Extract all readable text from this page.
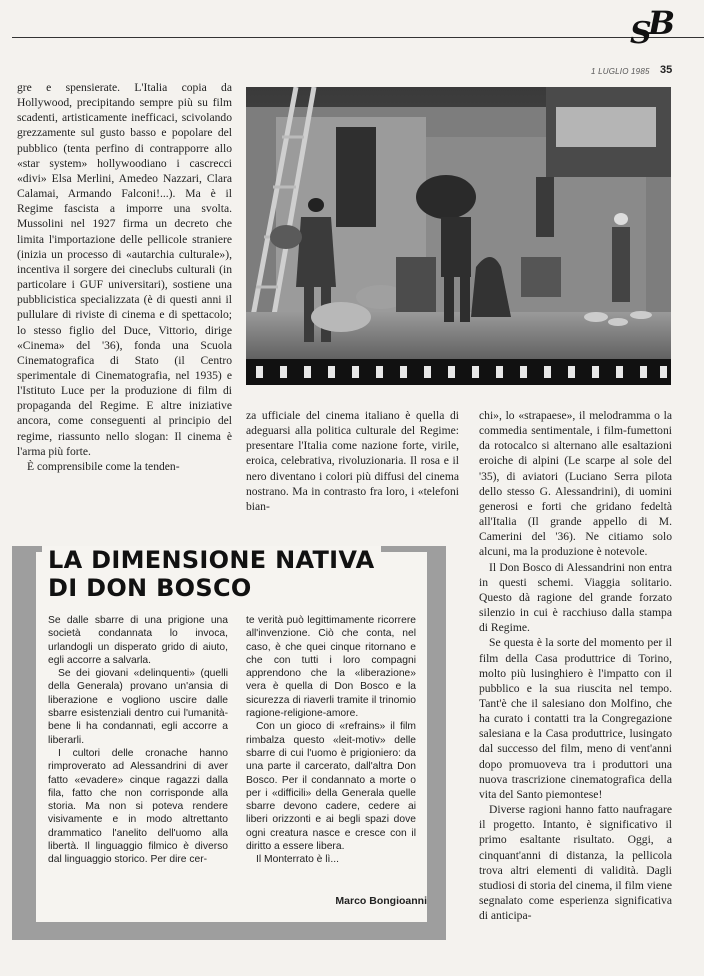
S
B
1 LUGLIO 1985 35

gre e spensierate. L'Italia copia da Hollywood, precipitando sempre più su film scadenti, artisticamente inefficaci, scivolando grezzamente sul gusto basso e popolare del pubblico (tenta perfino di contrapporre allo «star system» hollywoodiano i cascrecci «divi» Elsa Merlini, Amedeo Nazzari, Clara Calamai, Armando Falconi!...). Ma è il Regime fascista a imporre una svolta. Mussolini nel 1927 firma un decreto che limita l'importazione delle pellicole straniere (inizia un processo di «autarchia culturale»), incentiva il sorgere dei cineclubs culturali (in particolare i GUF universitari), sostiene una pubblicistica specializzata (è di questi anni il pullulare di riviste di cinema e di spettacolo; lo stesso figlio del Duce, Vittorio, dirige «Cinema» del '36), fonda una Scuola Cinematografica di Stato (il Centro sperimentale di Cinematografia, nel 1935) e l'Istituto Luce per la produzione di film di propaganda del Regime. E altre iniziative ancora, come conseguenti al principio del regime, riassunto nello slogan: Il cinema è l'arma più forte.

È comprensibile come la tenden-

za ufficiale del cinema italiano è quella di adeguarsi alla politica culturale del Regime: presentare l'Italia come nazione forte, virile, eroica, celebrativa, rivoluzionaria. Il rosa e il nero diventano i colori più diffusi del cinema nostrano. Ma in contrasto fra loro, i «telefoni bian-

chi», lo «strapaese», il melodramma o la commedia sentimentale, i film-fumettoni da rotocalco si alternano alle esaltazioni eroiche di alpini (Le scarpe al sole del '35), di aviatori (Luciano Serra pilota dello stesso G. Alessandrini), di uomini generosi e forti che gridano fedeltà all'Italia (Il grande appello di M. Camerini del '36). Ne citiamo solo alcuni, ma la produzione è notevole.

Il Don Bosco di Alessandrini non entra in questi schemi. Viaggia solitario. Questo dà ragione del grande forzato silenzio in cui è racchiuso dalla stampa di Regime.

Se questa è la sorte del momento per il film della Casa produttrice di Torino, molto più lusinghiero è l'impatto con il pubblico e la sua riuscita nel tempo. Tant'è che il salesiano don Molfino, che ha curato i contatti tra la Congregazione salesiana e la Casa produttrice, lusingato dal successo del film, meno di vent'anni dopo promuoveva tra i produttori una nuova trascrizione cinematografica della vita del Santo piemontese!

Diverse ragioni hanno fatto naufragare il progetto. Intanto, è significativo il primo esaltante risultato. Oggi, a cinquant'anni di distanza, la pellicola trova altri elementi di validità. Dagli studiosi di storia del cinema, il film viene segnalato come esperienza significativa di anticipa-

LA DIMENSIONE NATIVA
DI DON BOSCO

Se dalle sbarre di una prigione una società condannata lo invoca, urlandogli un disperato grido di aiuto, egli accorre a salvarla.

Se dei giovani «delinquenti» (quelli della Generala) provano un'ansia di liberazione e vogliono uscire dalle sbarre esistenziali dentro cui l'umanità-bene li ha condannati, egli accorre a liberarli.

I cultori delle cronache hanno rimproverato ad Alessandrini di aver fatto «evadere» cinque ragazzi dalla fila, fatto che non corrisponde alla storia. Ma non si poteva rendere visivamente e in modo altrettanto drammatico l'anelito dell'uomo alla libertà. Il linguaggio filmico è diverso dal linguaggio storico. Per dire cer-

te verità può legittimamente ricorrere all'invenzione. Ciò che conta, nel caso, è che quei cinque ritornano e che con tutti i loro compagni apprendono che la «liberazione» vera è quella di Don Bosco e la sicurezza di riaverli tramite il trinomio ragione-religione-amore.

Con un gioco di «refrains» il film rimbalza questo «leit-motiv» delle sbarre di cui l'uomo è prigioniero: da una parte il carcerato, dall'altra Don Bosco. Per il condannato a morte o per i «difficili» della Generala quelle sbarre devono cadere, cedere ai liberi orizzonti e ai begli spazi dove ogni creatura nasce e cresce con il diritto a essere libera.

Il Monterrato è lì...

Marco Bongioanni
